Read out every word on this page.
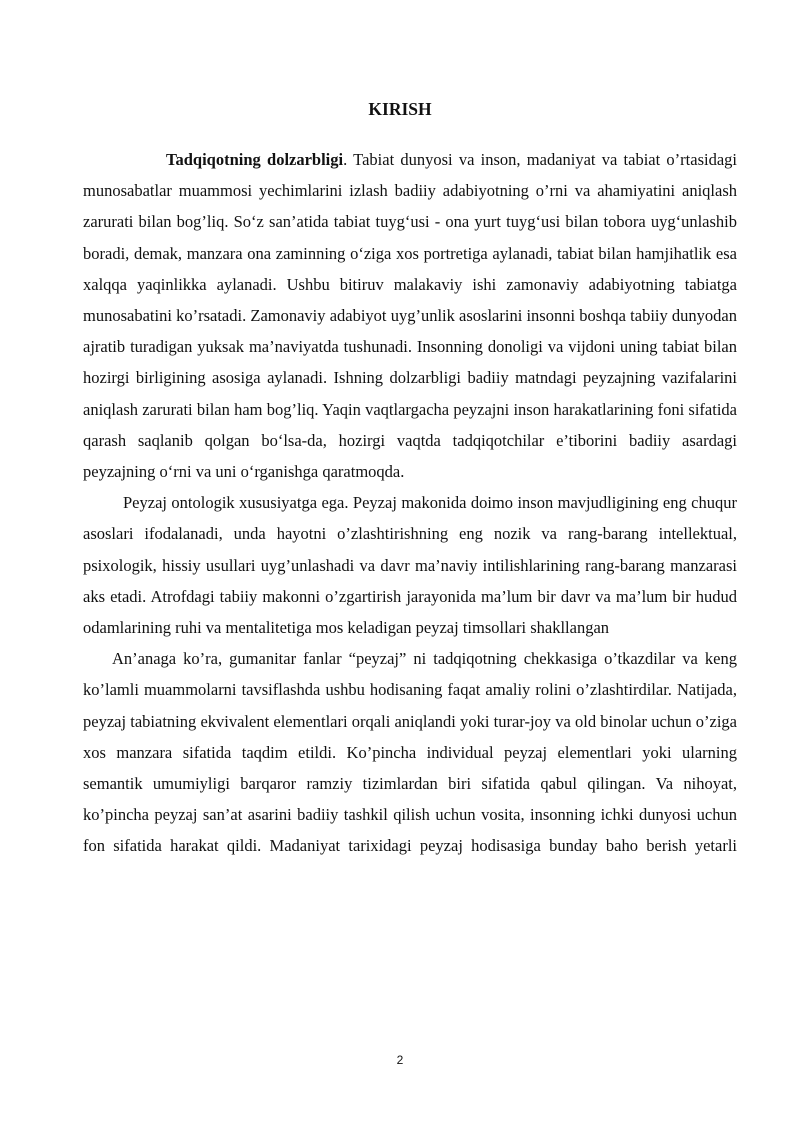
KIRISH

Tadqiqotning dolzarbligi. Tabiat dunyosi va inson, madaniyat va tabiat o’rtasidagi munosabatlar muammosi yechimlarini izlash badiiy adabiyotning o’rni va ahamiyatini aniqlash zarurati bilan bog’liq. So‘z san’atida tabiat tuyg‘usi - ona yurt tuyg‘usi bilan tobora uyg‘unlashib boradi, demak, manzara ona zaminning o‘ziga xos portretiga aylanadi, tabiat bilan hamjihatlik esa xalqqa yaqinlikka aylanadi. Ushbu bitiruv malakaviy ishi zamonaviy adabiyotning tabiatga munosabatini ko’rsatadi. Zamonaviy adabiyot uyg’unlik asoslarini insonni boshqa tabiiy dunyodan ajratib turadigan yuksak ma’naviyatda tushunadi. Insonning donoligi va vijdoni uning tabiat bilan hozirgi birligining asosiga aylanadi. Ishning dolzarbligi badiiy matndagi peyzajning vazifalarini aniqlash zarurati bilan ham bog’liq. Yaqin vaqtlargacha peyzajni inson harakatlarining foni sifatida qarash saqlanib qolgan bo‘lsa-da, hozirgi vaqtda tadqiqotchilar e’tiborini badiiy asardagi peyzajning o‘rni va uni o‘rganishga qaratmoqda.

Peyzaj ontologik xususiyatga ega. Peyzaj makonida doimo inson mavjudligining eng chuqur asoslari ifodalanadi, unda hayotni o’zlashtirishning eng nozik va rang-barang intellektual, psixologik, hissiy usullari uyg’unlashadi va davr ma’naviy intilishlarining rang-barang manzarasi aks etadi. Atrofdagi tabiiy makonni o’zgartirish jarayonida ma’lum bir davr va ma’lum bir hudud odamlarining ruhi va mentalitetiga mos keladigan peyzaj timsollari shakllangan

An’anaga ko’ra, gumanitar fanlar “peyzaj” ni tadqiqotning chekkasiga o’tkazdilar va keng ko’lamli muammolarni tavsiflashda ushbu hodisaning faqat amaliy rolini o’zlashtirdilar. Natijada, peyzaj tabiatning ekvivalent elementlari orqali aniqlandi yoki turar-joy va old binolar uchun o’ziga xos manzara sifatida taqdim etildi. Ko’pincha individual peyzaj elementlari yoki ularning semantik umumiyligi barqaror ramziy tizimlardan biri sifatida qabul qilingan. Va nihoyat, ko’pincha peyzaj san’at asarini badiiy tashkil qilish uchun vosita, insonning ichki dunyosi uchun fon sifatida harakat qildi. Madaniyat tarixidagi peyzaj hodisasiga bunday baho berish yetarli

2
